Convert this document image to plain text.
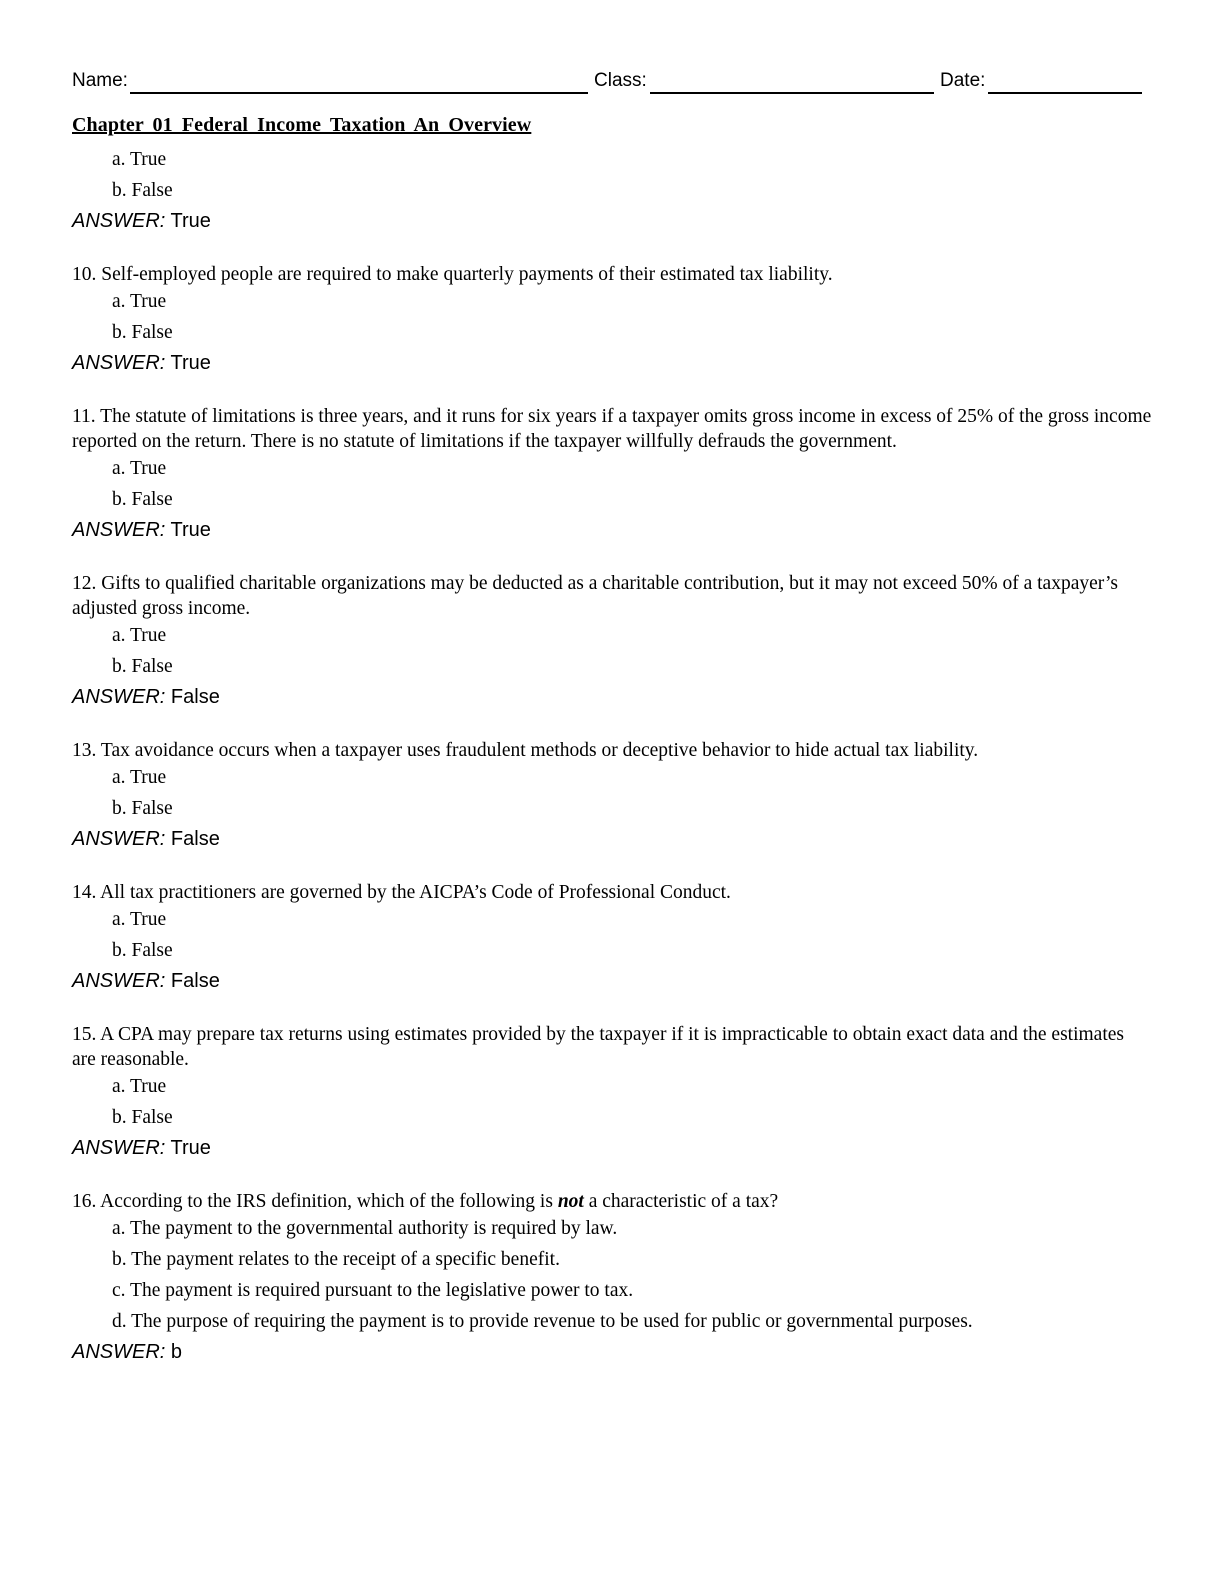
Name:	Class:	Date:
Chapter 01 Federal Income Taxation An Overview
a. True
b. False
ANSWER: True

10. Self-employed people are required to make quarterly payments of their estimated tax liability.

a. True
b. False
ANSWER: True

11. The statute of limitations is three years, and it runs for six years if a taxpayer omits gross income in excess of 25% of the gross income reported on the return. There is no statute of limitations if the taxpayer willfully defrauds the government.

a. True
b. False
ANSWER: True

12. Gifts to qualified charitable organizations may be deducted as a charitable contribution, but it may not exceed 50% of a taxpayer’s adjusted gross income.

a. True
b. False
ANSWER: False

13. Tax avoidance occurs when a taxpayer uses fraudulent methods or deceptive behavior to hide actual tax liability.

a. True
b. False
ANSWER: False

14. All tax practitioners are governed by the AICPA’s Code of Professional Conduct.

a. True
b. False
ANSWER: False

15. A CPA may prepare tax returns using estimates provided by the taxpayer if it is impracticable to obtain exact data and the estimates are reasonable.

a. True
b. False
ANSWER: True

16. According to the IRS definition, which of the following is not a characteristic of a tax?

a. The payment to the governmental authority is required by law.
b. The payment relates to the receipt of a specific benefit.
c. The payment is required pursuant to the legislative power to tax.
d. The purpose of requiring the payment is to provide revenue to be used for public or governmental purposes.
ANSWER: b
